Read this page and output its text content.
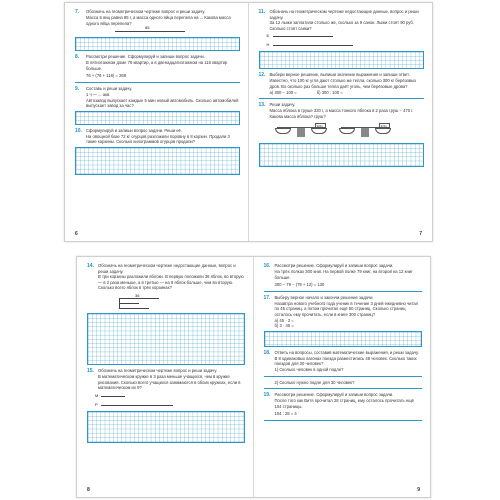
7.	Обозначь на геометрическом чертеже вопрос и реши задачу.
Масса 5 яиц равна 85 г, а масса одного яйца перепела на ... Какова масса одного яйца перепела?
85
8.	Рассмотри решение. Сформулируй и запиши вопрос задачи.
В пятиэтажном доме 76 квартир, а в двенадцатиэтажном на 116 квартир больше.
76 + (76 + 116) = 268
9.	Составь и реши задачу.
1 ч — ... акв.
Автозавод выпускает каждые 5 мин новый автомобиль. Сколько автомобилей выпускает завод за час?
10. Сформулируй и запиши вопрос задачи. Реши её.
На овощной базе 72 кг огурцов разложили поровну в 8 корзин. Продали 3 такие корзины. Сколько килограммов огурцов продали?
6
11.	Обозначь на геометрическом чертеже недостающие данные, вопрос и реши задачу.
За 12 лыжи заплатили столько же, сколько за 9 санок. Лыжи стоят 90 руб. Сколько стоят санки?
Б
Н
12. Выбери верное решение, выпиши значение выражения и запиши ответ.
Известно, что 100 кг угля дают столько же тепла, сколько 300 кг берёзовых дров. Во сколько раз больше тепла даёт уголь, чем берёзовые дрова?
а) 300 − 100 =	б) 300 : 100 =
13. Реши задачу.
Масса яблока в груше 320 г, а масса тонкого яблока в 2 раза груш − 470 г. Какова масса яблока? груш?
320 г	470 г
7
14. Обозначь на геометрическом чертеже недостающие данные, вопрос и реши задачу.
В три корзины разложили яблоки. В первую положили 36 яблок, во вторую — в 2 раза меньше, а в третью — на 9 яблок больше, чем во вторую. Сколько всего яблок в трёх корзинах?
36
15. Обозначь на геометрическом чертеже вопрос и реши задачу.
В математическом кружке в 3 раза меньше учащихся, чем в кружке рисования. Сколько всего учащихся занимаются в обоих кружках, если в математическом их 9?
М
Р
8
16. Рассмотри решение. Сформулируй и запиши вопрос задачи.
На трёх полках 300 книг. На первой полке 79 книг, на второй на 12 книг больше.
300 − 79 − (79 + 12) = 130
17. Выберу верное начало и закончи решение задачи.
Назавтра нового учебного года ученик в течение 3 дней ежедневно читал по 45 страниц, а потом прочитал ещё 50 страниц. Сколько страниц осталось ему прочитать, если в книге 300 страниц?
а) 45 · 3 =
б) 3 · 45 =
18. Ответь на вопросы, составив математические выражения, и реши задачу.
В 8 одинаковых вагонах поезда разместились 48 человек. Сколько таких поездов для 30 человек?
1) Сколько человек в одной подле?
2) Сколько нужно подле для 30 человек?
19. Рассмотри решение. Сформулируй и запиши вопрос задачи.
После того как Витя прочитал 28 страниц, ему осталось прочитать ещё 104 страницы.
104 : 28 = 4
9
